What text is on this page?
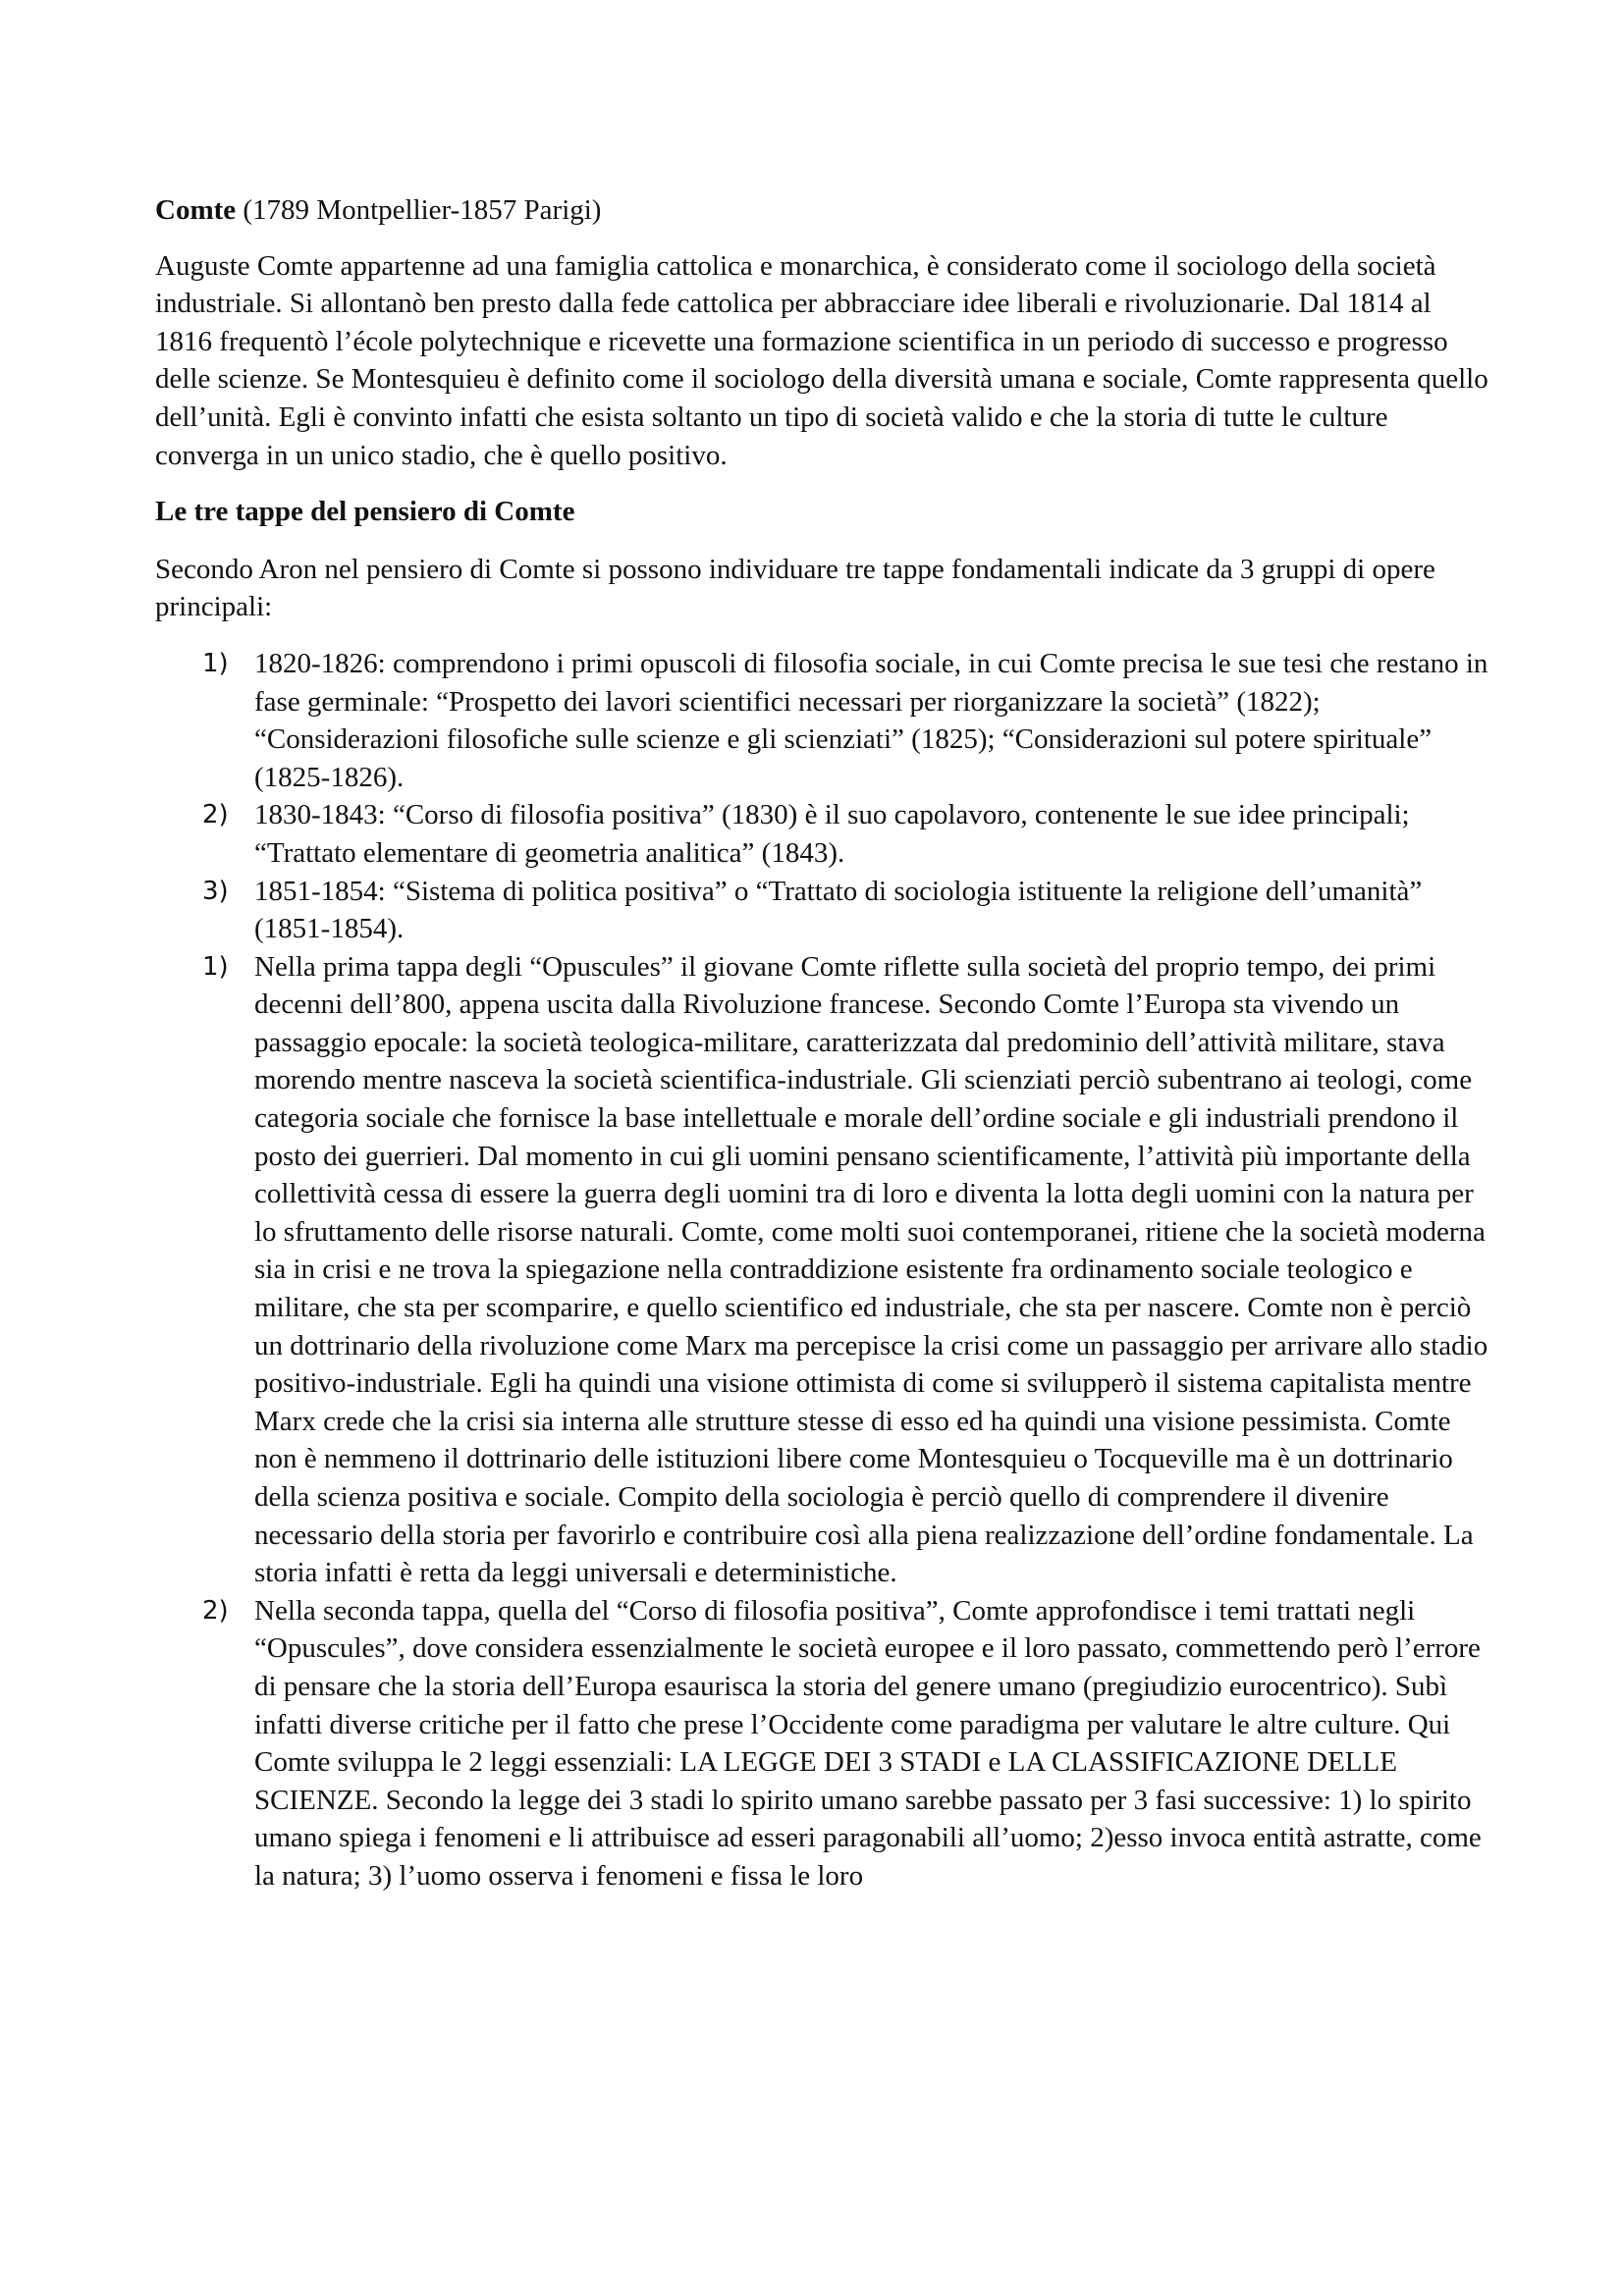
Comte (1789 Montpellier-1857 Parigi)

Auguste Comte appartenne ad una famiglia cattolica e monarchica, è considerato come il sociologo della società industriale. Si allontanò ben presto dalla fede cattolica per abbracciare idee liberali e rivoluzionarie. Dal 1814 al 1816 frequentò l’école polytechnique e ricevette una formazione scientifica in un periodo di successo e progresso delle scienze. Se Montesquieu è definito come il sociologo della diversità umana e sociale, Comte rappresenta quello dell’unità. Egli è convinto infatti che esista soltanto un tipo di società valido e che la storia di tutte le culture converga in un unico stadio, che è quello positivo.

Le tre tappe del pensiero di Comte

Secondo Aron nel pensiero di Comte si possono individuare tre tappe fondamentali indicate da 3 gruppi di opere principali:

1) 1820-1826: comprendono i primi opuscoli di filosofia sociale, in cui Comte precisa le sue tesi che restano in fase germinale: “Prospetto dei lavori scientifici necessari per riorganizzare la società” (1822); “Considerazioni filosofiche sulle scienze e gli scienziati” (1825); “Considerazioni sul potere spirituale” (1825-1826).
2) 1830-1843: “Corso di filosofia positiva” (1830) è il suo capolavoro, contenente le sue idee principali; “Trattato elementare di geometria analitica” (1843).
3) 1851-1854: “Sistema di politica positiva” o “Trattato di sociologia istituente la religione dell’umanità” (1851-1854).
1) Nella prima tappa degli “Opuscules” il giovane Comte riflette sulla società del proprio tempo, dei primi decenni dell’800, appena uscita dalla Rivoluzione francese. Secondo Comte l’Europa sta vivendo un passaggio epocale: la società teologica-militare, caratterizzata dal predominio dell’attività militare, stava morendo mentre nasceva la società scientifica-industriale. Gli scienziati perciò subentrano ai teologi, come categoria sociale che fornisce la base intellettuale e morale dell’ordine sociale e gli industriali prendono il posto dei guerrieri. Dal momento in cui gli uomini pensano scientificamente, l’attività più importante della collettività cessa di essere la guerra degli uomini tra di loro e diventa la lotta degli uomini con la natura per lo sfruttamento delle risorse naturali. Comte, come molti suoi contemporanei, ritiene che la società moderna sia in crisi e ne trova la spiegazione nella contraddizione esistente fra ordinamento sociale teologico e militare, che sta per scomparire, e quello scientifico ed industriale, che sta per nascere. Comte non è perciò un dottrinario della rivoluzione come Marx ma percepisce la crisi come un passaggio per arrivare allo stadio positivo-industriale. Egli ha quindi una visione ottimista di come si svilupperò il sistema capitalista mentre Marx crede che la crisi sia interna alle strutture stesse di esso ed ha quindi una visione pessimista. Comte non è nemmeno il dottrinario delle istituzioni libere come Montesquieu o Tocqueville ma è un dottrinario della scienza positiva e sociale. Compito della sociologia è perciò quello di comprendere il divenire necessario della storia per favorirlo e contribuire così alla piena realizzazione dell’ordine fondamentale. La storia infatti è retta da leggi universali e deterministiche.
2) Nella seconda tappa, quella del “Corso di filosofia positiva”, Comte approfondisce i temi trattati negli “Opuscules”, dove considera essenzialmente le società europee e il loro passato, commettendo però l’errore di pensare che la storia dell’Europa esaurisca la storia del genere umano (pregiudizio eurocentrico). Subì infatti diverse critiche per il fatto che prese l’Occidente come paradigma per valutare le altre culture. Qui Comte sviluppa le 2 leggi essenziali: LA LEGGE DEI 3 STADI e LA CLASSIFICAZIONE DELLE SCIENZE. Secondo la legge dei 3 stadi lo spirito umano sarebbe passato per 3 fasi successive: 1) lo spirito umano spiega i fenomeni e li attribuisce ad esseri paragonabili all’uomo; 2)esso invoca entità astratte, come la natura; 3) l’uomo osserva i fenomeni e fissa le loro
